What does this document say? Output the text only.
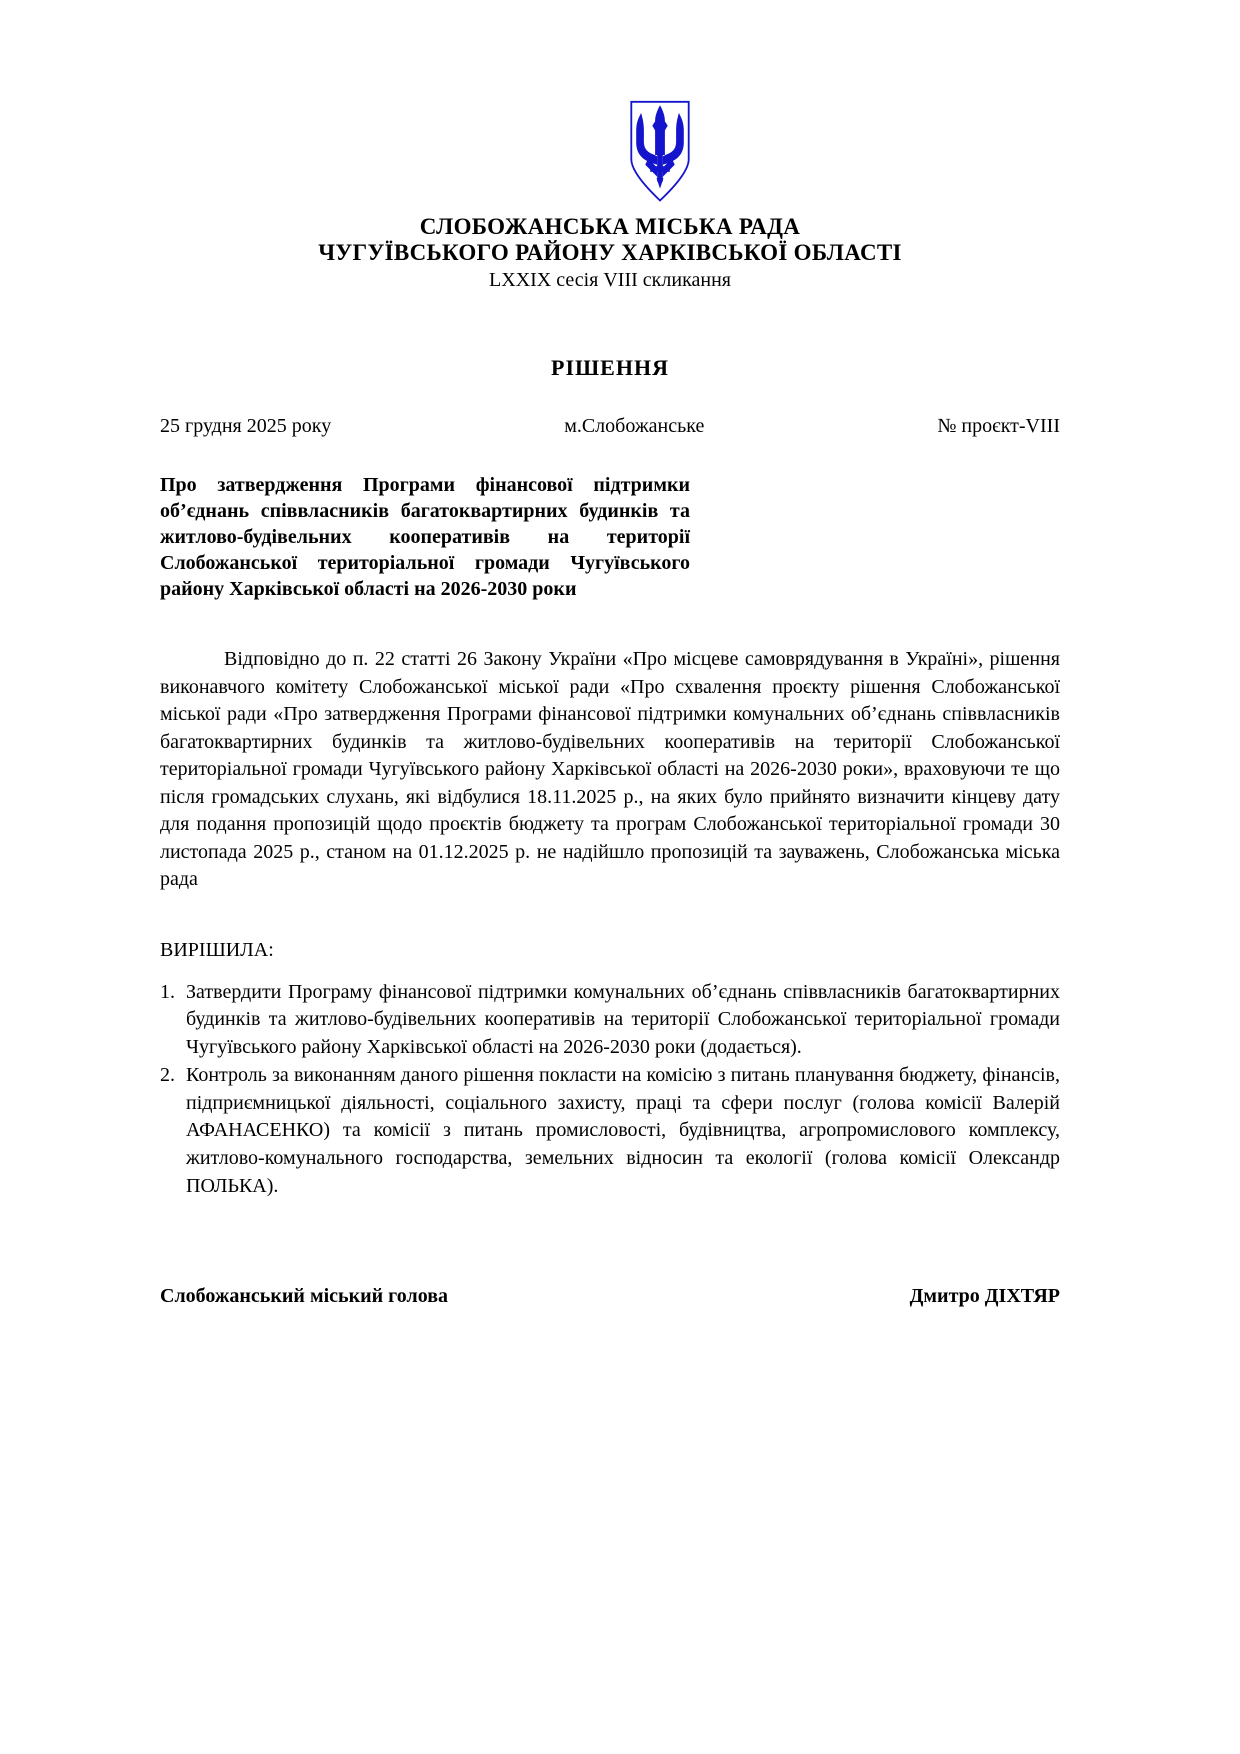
СЛОБОЖАНСЬКА МІСЬКА РАДА
ЧУГУЇВСЬКОГО РАЙОНУ ХАРКІВСЬКОЇ ОБЛАСТІ
LXXIX сесія VIII скликання
РІШЕННЯ
25 грудня 2025 року	м.Слобожанське	№ проєкт-VIII
Про затвердження Програми фінансової підтримки об’єднань співвласників багатоквартирних будинків та житлово-будівельних кооперативів на території Слобожанської територіальної громади Чугуївського району Харківської області на 2026-2030 роки
Відповідно до п. 22 статті 26 Закону України «Про місцеве самоврядування в Україні», рішення виконавчого комітету Слобожанської міської ради «Про схвалення проєкту рішення Слобожанської міської ради «Про затвердження Програми фінансової підтримки комунальних об’єднань співвласників багатоквартирних будинків та житлово-будівельних кооперативів на території Слобожанської територіальної громади Чугуївського району Харківської області на 2026-2030 роки», враховуючи те що після громадських слухань, які відбулися 18.11.2025 р., на яких було прийнято визначити кінцеву дату для подання пропозицій щодо проєктів бюджету та програм Слобожанської територіальної громади 30 листопада 2025 р., станом на 01.12.2025 р. не надійшло пропозицій та зауважень, Слобожанська міська рада
ВИРІШИЛА:
1. Затвердити Програму фінансової підтримки комунальних об’єднань співвласників багатоквартирних будинків та житлово-будівельних кооперативів на території Слобожанської територіальної громади Чугуївського району Харківської області на 2026-2030 роки (додається).
2. Контроль за виконанням даного рішення покласти на комісію з питань планування бюджету, фінансів, підприємницької діяльності, соціального захисту, праці та сфери послуг (голова комісії Валерій АФАНАСЕНКО) та комісії з питань промисловості, будівництва, агропромислового комплексу, житлово-комунального господарства, земельних відносин та екології (голова комісії Олександр ПОЛЬКА).
Слобожанський міський голова	Дмитро ДІХТЯР
